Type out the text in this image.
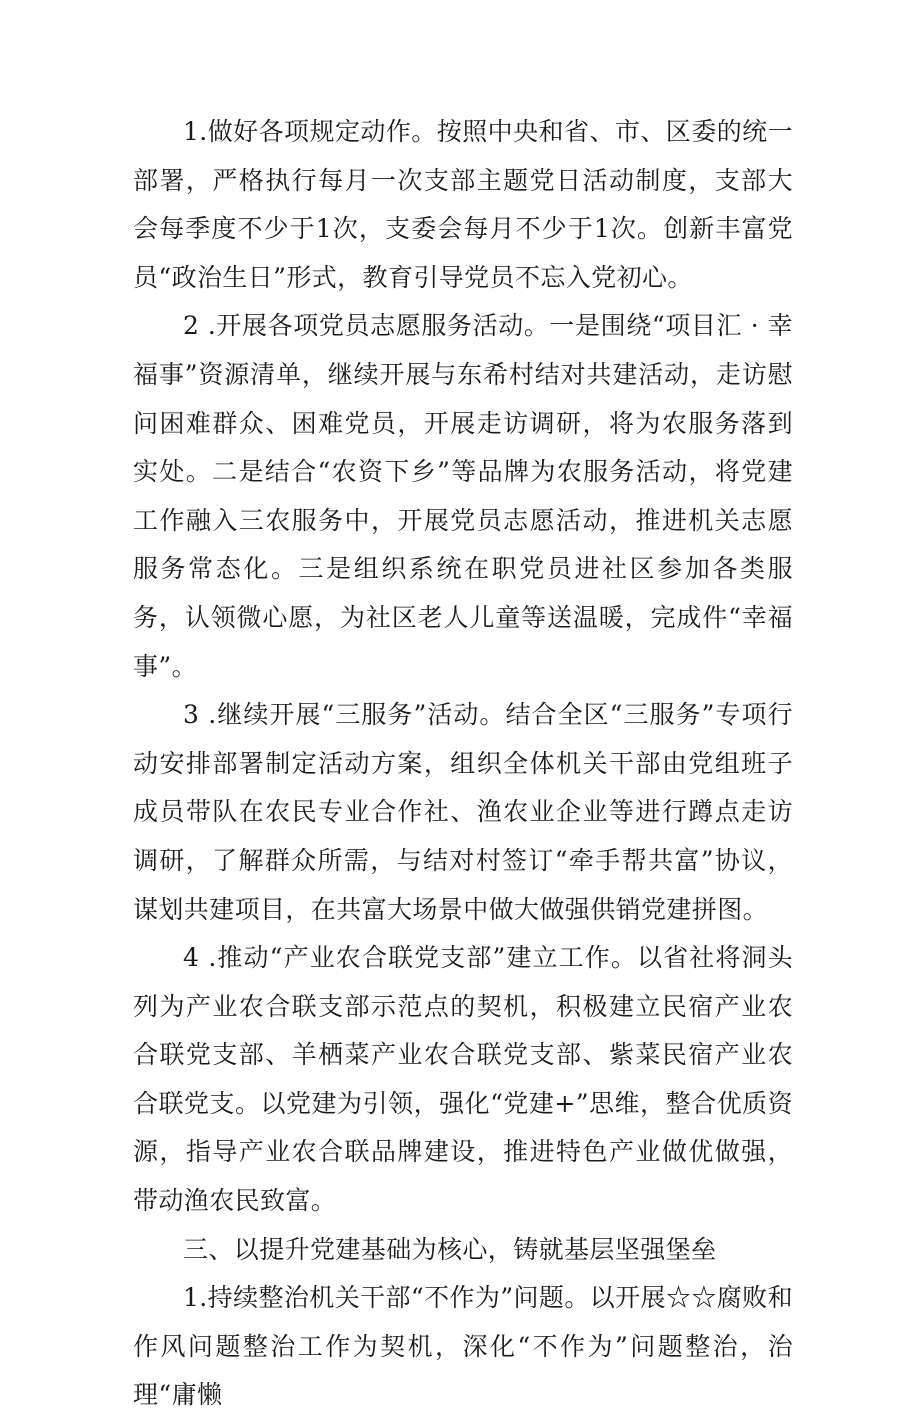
1.做好各项规定动作。按照中央和省、市、区委的统一部署，严格执行每月一次支部主题党日活动制度，支部大会每季度不少于1次，支委会每月不少于1次。创新丰富党员“政治生日”形式，教育引导党员不忘入党初心。

2 .开展各项党员志愿服务活动。一是围绕“项目汇 · 幸福事”资源清单，继续开展与东希村结对共建活动，走访慰问困难群众、困难党员，开展走访调研，将为农服务落到实处。二是结合“农资下乡”等品牌为农服务活动，将党建工作融入三农服务中，开展党员志愿活动，推进机关志愿服务常态化。三是组织系统在职党员进社区参加各类服务，认领微心愿，为社区老人儿童等送温暖，完成件“幸福事”。

3 .继续开展“三服务”活动。结合全区“三服务”专项行动安排部署制定活动方案，组织全体机关干部由党组班子成员带队在农民专业合作社、渔农业企业等进行蹲点走访调研，了解群众所需，与结对村签订“牵手帮共富”协议，谋划共建项目，在共富大场景中做大做强供销党建拼图。

4 .推动“产业农合联党支部”建立工作。以省社将洞头列为产业农合联支部示范点的契机，积极建立民宿产业农合联党支部、羊栖菜产业农合联党支部、紫菜民宿产业农合联党支。以党建为引领，强化“党建+”思维，整合优质资源，指导产业农合联品牌建设，推进特色产业做优做强，带动渔农民致富。

三、以提升党建基础为核心，铸就基层坚强堡垒

1.持续整治机关干部“不作为”问题。以开展☆☆腐败和作风问题整治工作为契机，深化“不作为”问题整治，治理“庸懒
